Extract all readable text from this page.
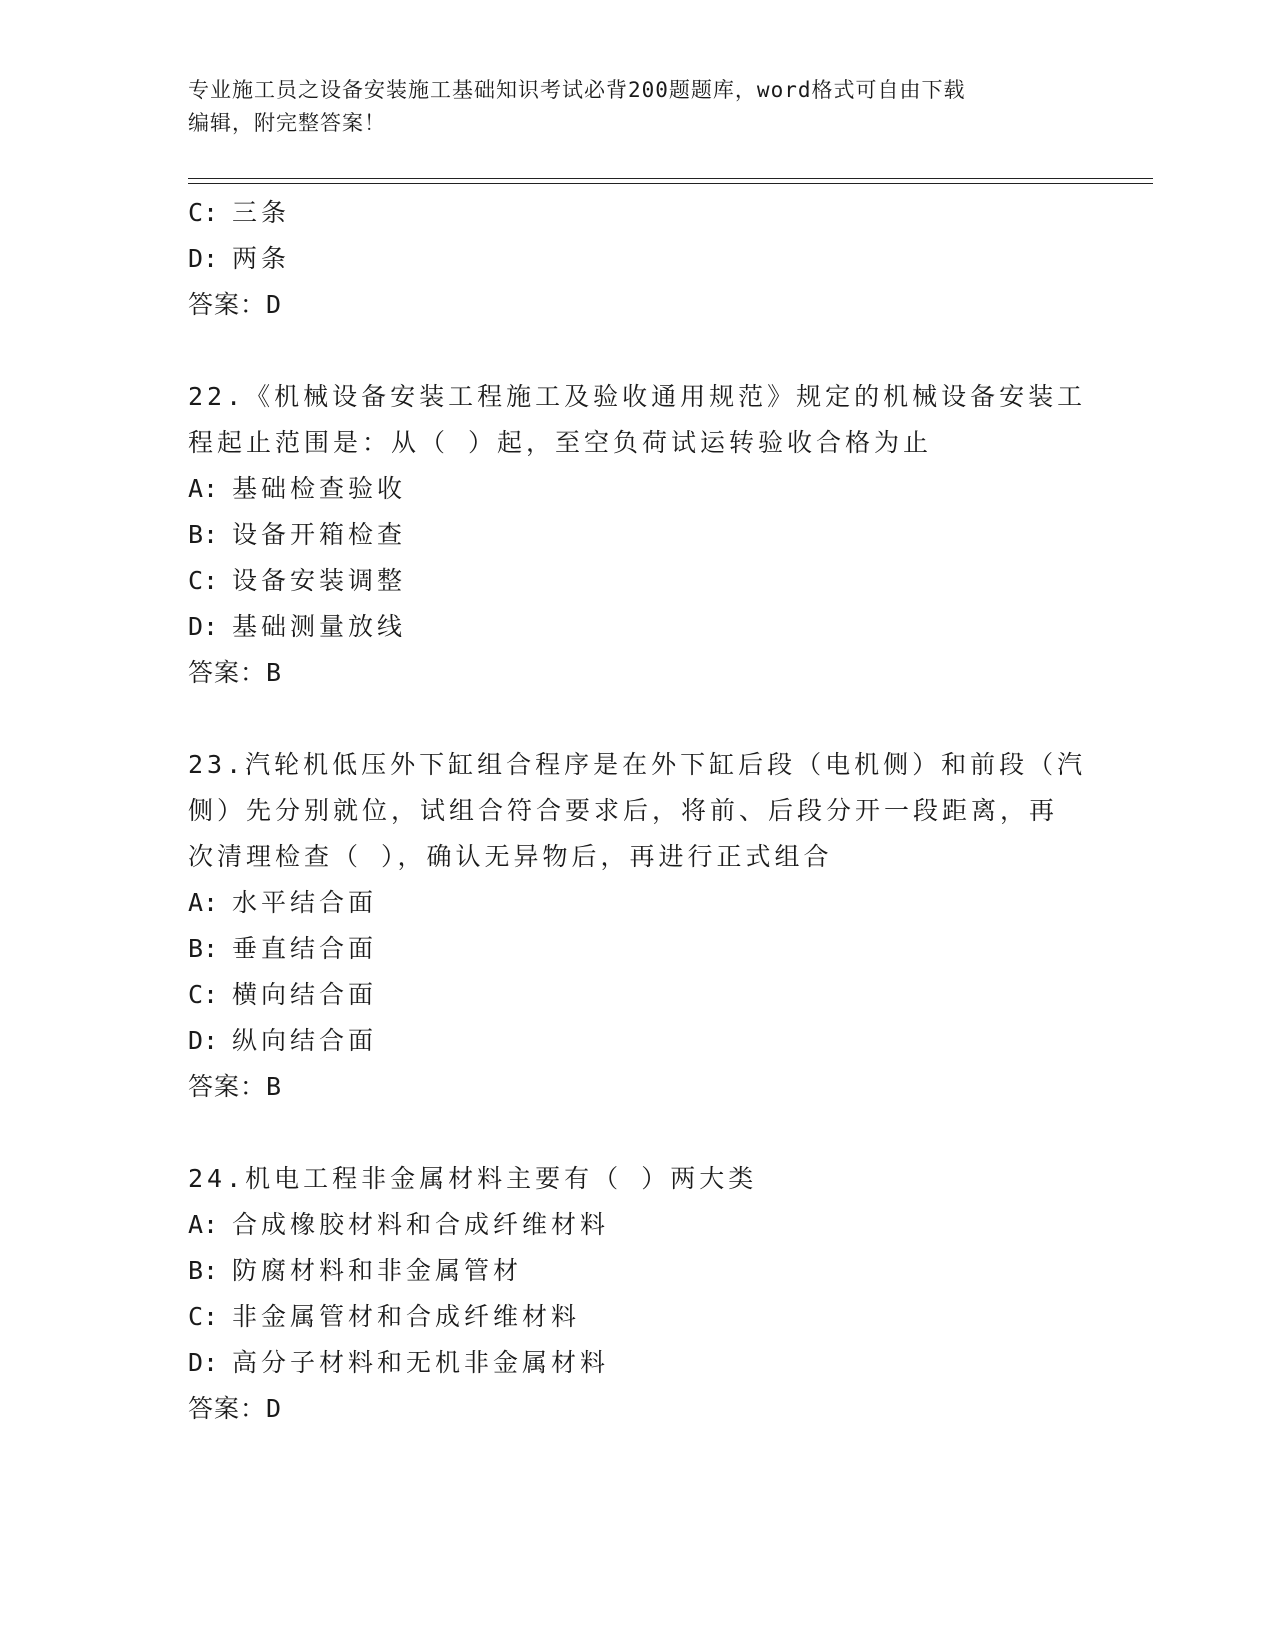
专业施工员之设备安装施工基础知识考试必背200题题库，word格式可自由下载
编辑，附完整答案！
C: 三条
D: 两条
答案：D
22.《机械设备安装工程施工及验收通用规范》规定的机械设备安装工
程起止范围是：从（ ）起，至空负荷试运转验收合格为止
A: 基础检查验收
B: 设备开箱检查
C: 设备安装调整
D: 基础测量放线
答案：B
23.汽轮机低压外下缸组合程序是在外下缸后段（电机侧）和前段（汽
侧）先分别就位，试组合符合要求后，将前、后段分开一段距离，再
次清理检查（ ），确认无异物后，再进行正式组合
A: 水平结合面
B: 垂直结合面
C: 横向结合面
D: 纵向结合面
答案：B
24.机电工程非金属材料主要有（ ）两大类
A: 合成橡胶材料和合成纤维材料
B: 防腐材料和非金属管材
C: 非金属管材和合成纤维材料
D: 高分子材料和无机非金属材料
答案：D
